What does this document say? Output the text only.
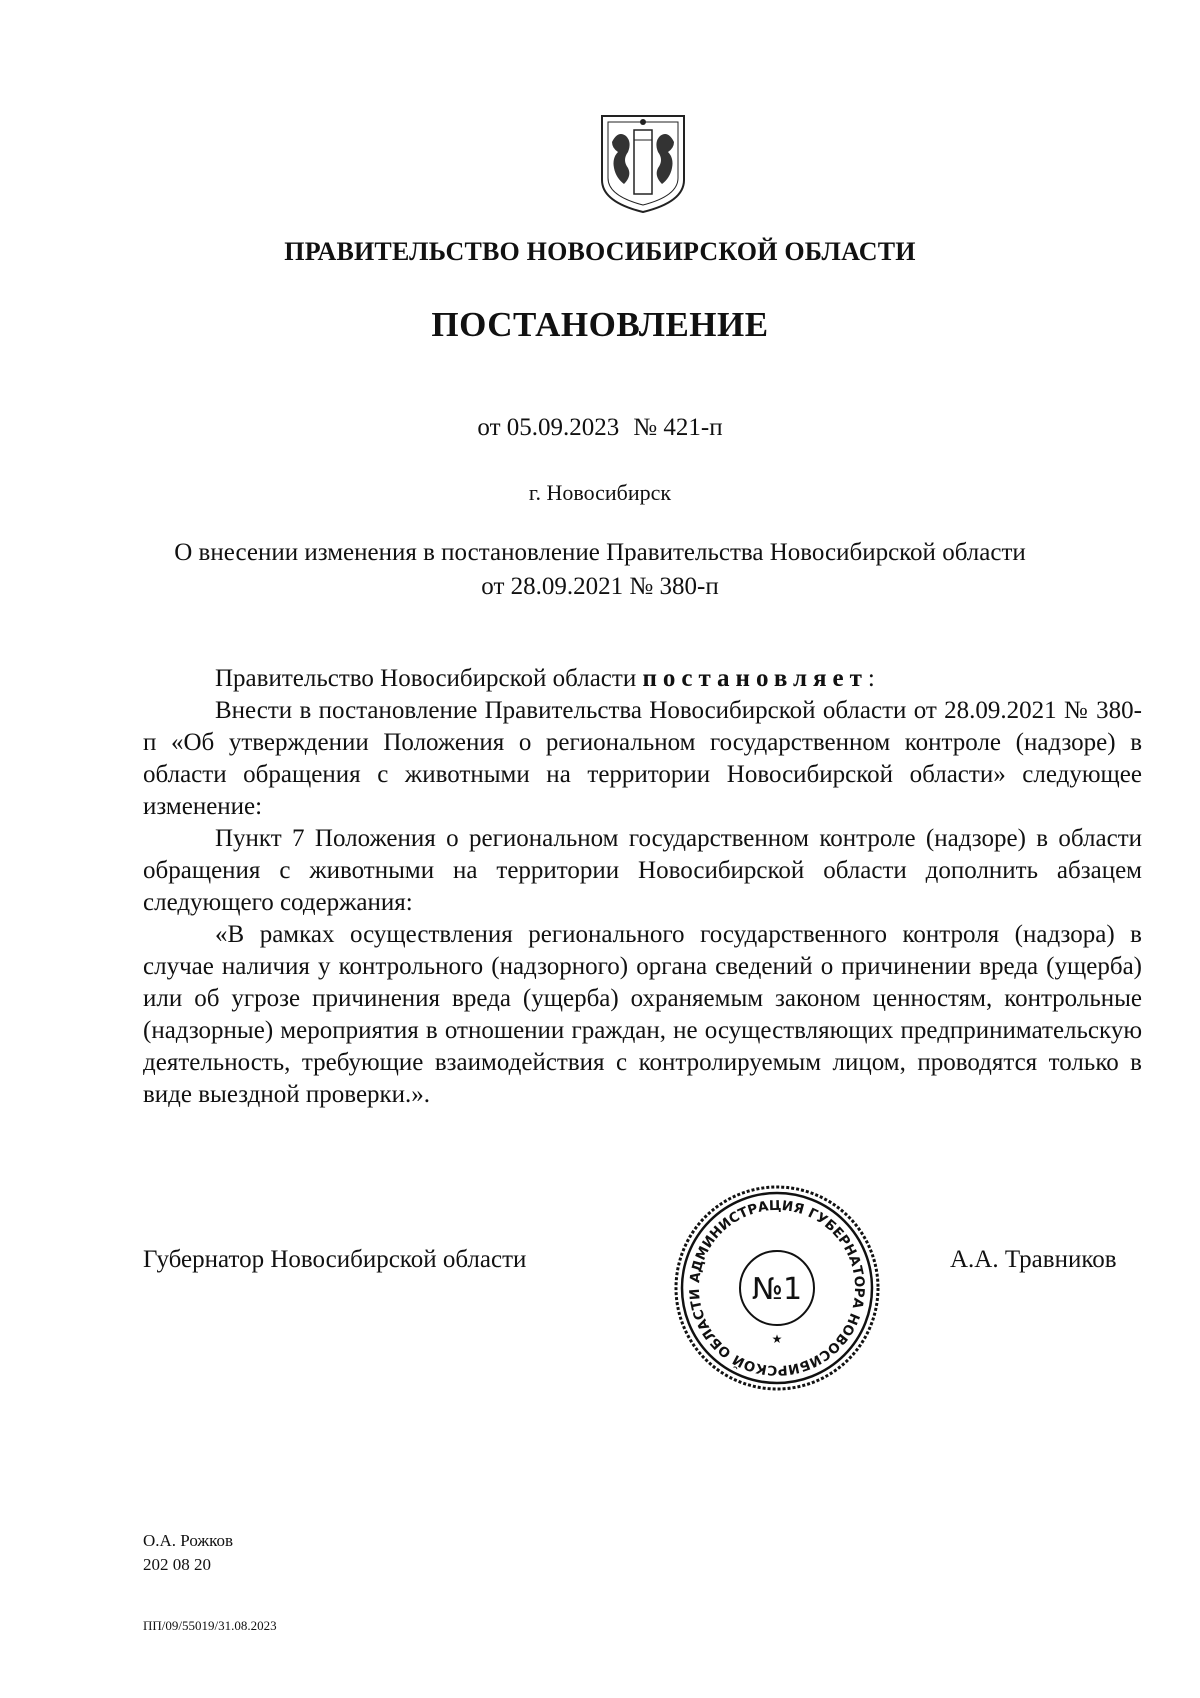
ПРАВИТЕЛЬСТВО НОВОСИБИРСКОЙ ОБЛАСТИ
ПОСТАНОВЛЕНИЕ
от 05.09.2023 № 421-п
г. Новосибирск
О внесении изменения в постановление Правительства Новосибирской области
от 28.09.2021 № 380-п

Правительство Новосибирской области постановляет:

Внести в постановление Правительства Новосибирской области от 28.09.2021 № 380-п «Об утверждении Положения о региональном государственном контроле (надзоре) в области обращения с животными на территории Новосибирской области» следующее изменение:

Пункт 7 Положения о региональном государственном контроле (надзоре) в области обращения с животными на территории Новосибирской области дополнить абзацем следующего содержания:

«В рамках осуществления регионального государственного контроля (надзора) в случае наличия у контрольного (надзорного) органа сведений о причинении вреда (ущерба) или об угрозе причинения вреда (ущерба) охраняемым законом ценностям, контрольные (надзорные) мероприятия в отношении граждан, не осуществляющих предпринимательскую деятельность, требующие взаимодействия с контролируемым лицом, проводятся только в виде выездной проверки.».

Губернатор Новосибирской области
АДМИНИСТРАЦИЯ ГУБЕРНАТОРА НОВОСИБИРСКОЙ ОБЛАСТИ	№1
★
А.А. Травников
О.А. Рожков
202 08 20
ПП/09/55019/31.08.2023
